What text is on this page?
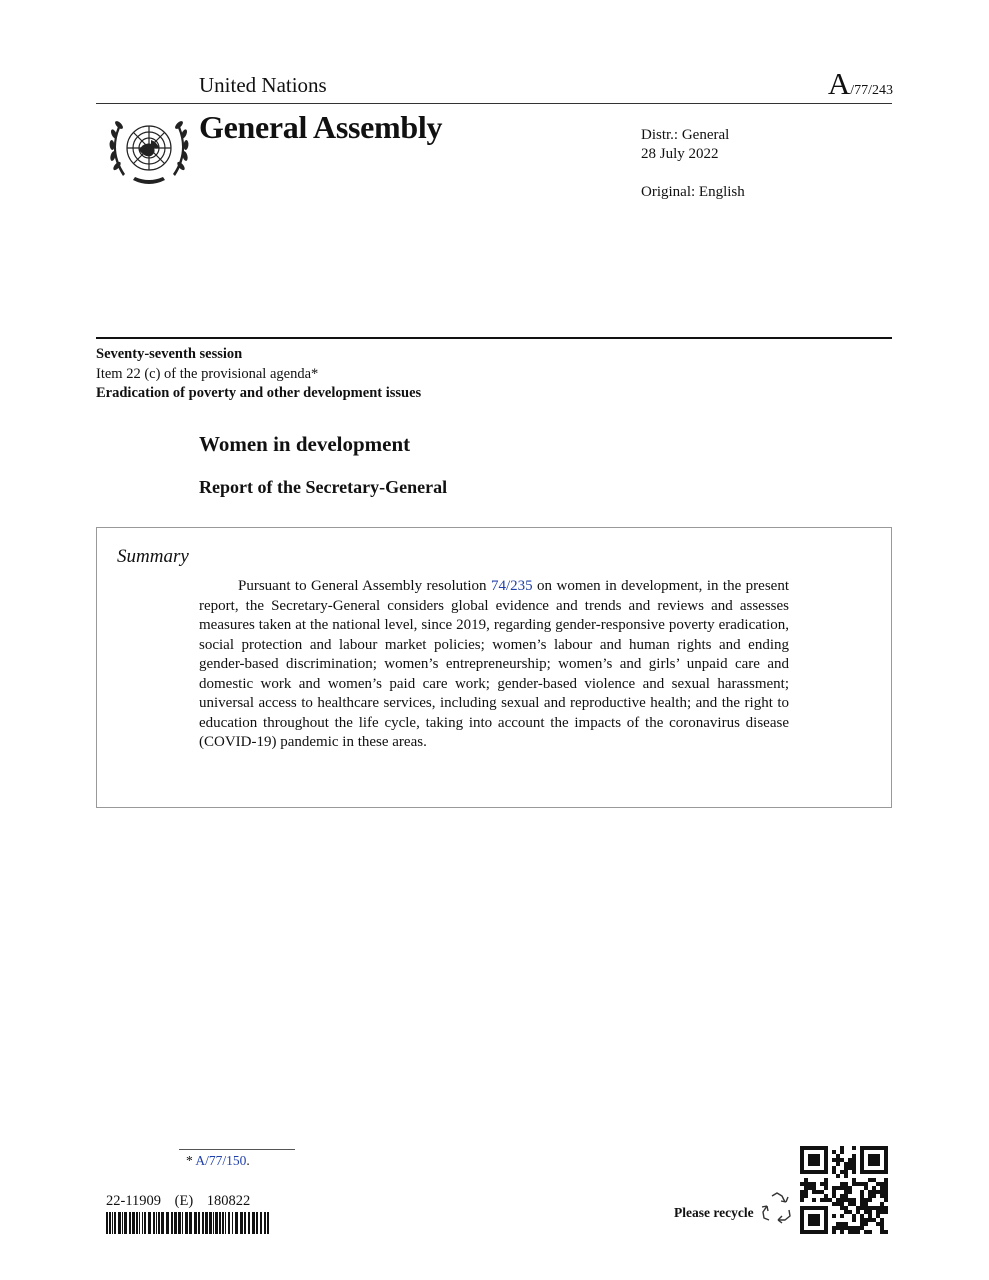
United Nations	A/77/243
General Assembly	Distr.: General
28 July 2022
Original: English
Seventy-seventh session
Item 22 (c) of the provisional agenda*
Eradication of poverty and other development issues
Women in development
Report of the Secretary-General
Summary

Pursuant to General Assembly resolution 74/235 on women in development, in the present report, the Secretary-General considers global evidence and trends and reviews and assesses measures taken at the national level, since 2019, regarding gender-responsive poverty eradication, social protection and labour market policies; women’s labour and human rights and ending gender-based discrimination; women’s entrepreneurship; women’s and girls’ unpaid care and domestic work and women’s paid care work; gender-based violence and sexual harassment; universal access to healthcare services, including sexual and reproductive health; and the right to education throughout the life cycle, taking into account the impacts of the coronavirus disease (COVID-19) pandemic in these areas.

* A/77/150.
22-11909 (E) 180822
Please recycle
